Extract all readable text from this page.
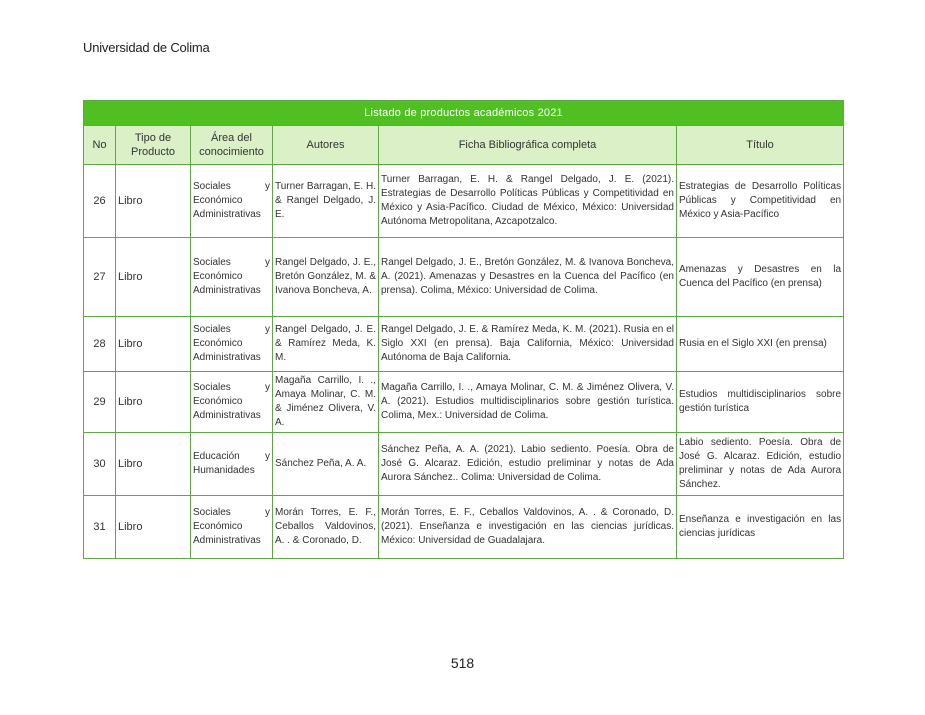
Universidad de Colima
Listado de productos académicos 2021					
No	Tipo de Producto	Área del conocimiento	Autores	Ficha Bibliográfica completa	Título
26	Libro	Sociales y Económico Administrativas	Turner Barragan, E. H. & Rangel Delgado, J. E.	Turner Barragan, E. H. & Rangel Delgado, J. E. (2021). Estrategias de Desarrollo Políticas Públicas y Competitividad en México y Asia-Pacífico. Ciudad de México, México: Universidad Autónoma Metropolitana, Azcapotzalco.	Estrategias de Desarrollo Políticas Públicas y Competitividad en México y Asia-Pacífico
27	Libro	Sociales y Económico Administrativas	Rangel Delgado, J. E., Bretón González, M. & Ivanova Boncheva, A.	Rangel Delgado, J. E., Bretón González, M. & Ivanova Boncheva, A. (2021). Amenazas y Desastres en la Cuenca del Pacífico (en prensa). Colima, México: Universidad de Colima.	Amenazas y Desastres en la Cuenca del Pacífico (en prensa)
28	Libro	Sociales y Económico Administrativas	Rangel Delgado, J. E. & Ramírez Meda, K. M.	Rangel Delgado, J. E. & Ramírez Meda, K. M. (2021). Rusia en el Siglo XXI (en prensa). Baja California, México: Universidad Autónoma de Baja California.	Rusia en el Siglo XXI (en prensa)
29	Libro	Sociales y Económico Administrativas	Magaña Carrillo, I. ., Amaya Molinar, C. M. & Jiménez Olivera, V. A.	Magaña Carrillo, I. ., Amaya Molinar, C. M. & Jiménez Olivera, V. A. (2021). Estudios multidisciplinarios sobre gestión turística. Colima, Mex.: Universidad de Colima.	Estudios multidisciplinarios sobre gestión turística
30	Libro	Educación y Humanidades	Sánchez Peña, A. A.	Sánchez Peña, A. A. (2021). Labio sediento. Poesía. Obra de José G. Alcaraz. Edición, estudio preliminar y notas de Ada Aurora Sánchez.. Colima: Universidad de Colima.	Labio sediento. Poesía. Obra de José G. Alcaraz. Edición, estudio preliminar y notas de Ada Aurora Sánchez.
31	Libro	Sociales y Económico Administrativas	Morán Torres, E. F., Ceballos Valdovinos, A. . & Coronado, D.	Morán Torres, E. F., Ceballos Valdovinos, A. . & Coronado, D. (2021). Enseñanza e investigación en las ciencias jurídicas. México: Universidad de Guadalajara.	Enseñanza e investigación en las ciencias jurídicas
518
